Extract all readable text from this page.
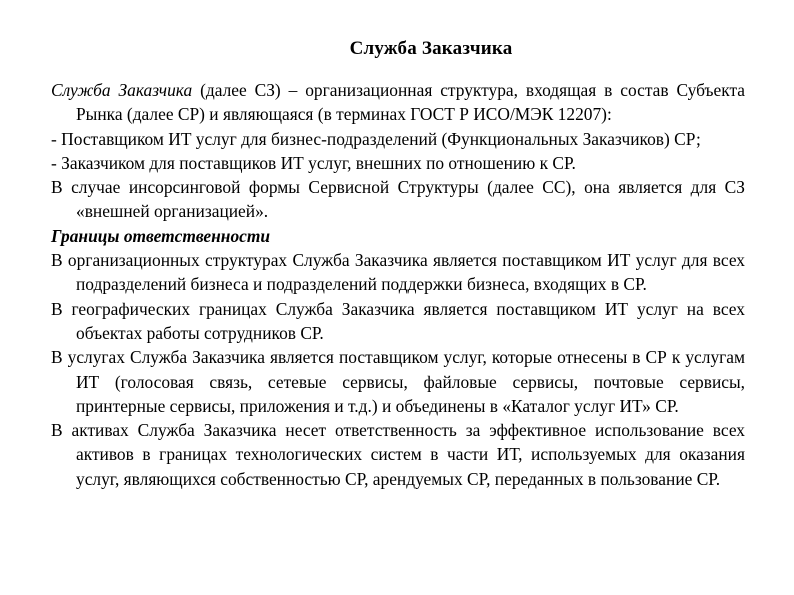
Служба Заказчика

Служба Заказчика (далее СЗ) – организационная структура, входящая в состав Субъекта Рынка (далее СР) и являющаяся (в терминах ГОСТ Р ИСО/МЭК 12207):

- Поставщиком ИТ услуг для бизнес-подразделений (Функциональных Заказчиков) СР;

- Заказчиком для поставщиков ИТ услуг, внешних по отношению к СР.

В случае инсорсинговой формы Сервисной Структуры (далее СС), она является для СЗ «внешней организацией».

Границы ответственности

В организационных структурах Служба Заказчика является поставщиком ИТ услуг для всех подразделений бизнеса и подразделений поддержки бизнеса, входящих в СР.

В географических границах Служба Заказчика является поставщиком ИТ услуг на всех объектах работы сотрудников СР.

В услугах Служба Заказчика является поставщиком услуг, которые отнесены в СР к услугам ИТ (голосовая связь, сетевые сервисы, файловые сервисы, почтовые сервисы, принтерные сервисы, приложения и т.д.) и объединены в «Каталог услуг ИТ» СР.

В активах Служба Заказчика несет ответственность за эффективное использование всех активов в границах технологических систем в части ИТ, используемых для оказания услуг, являющихся собственностью СР, арендуемых СР, переданных в пользование СР.
